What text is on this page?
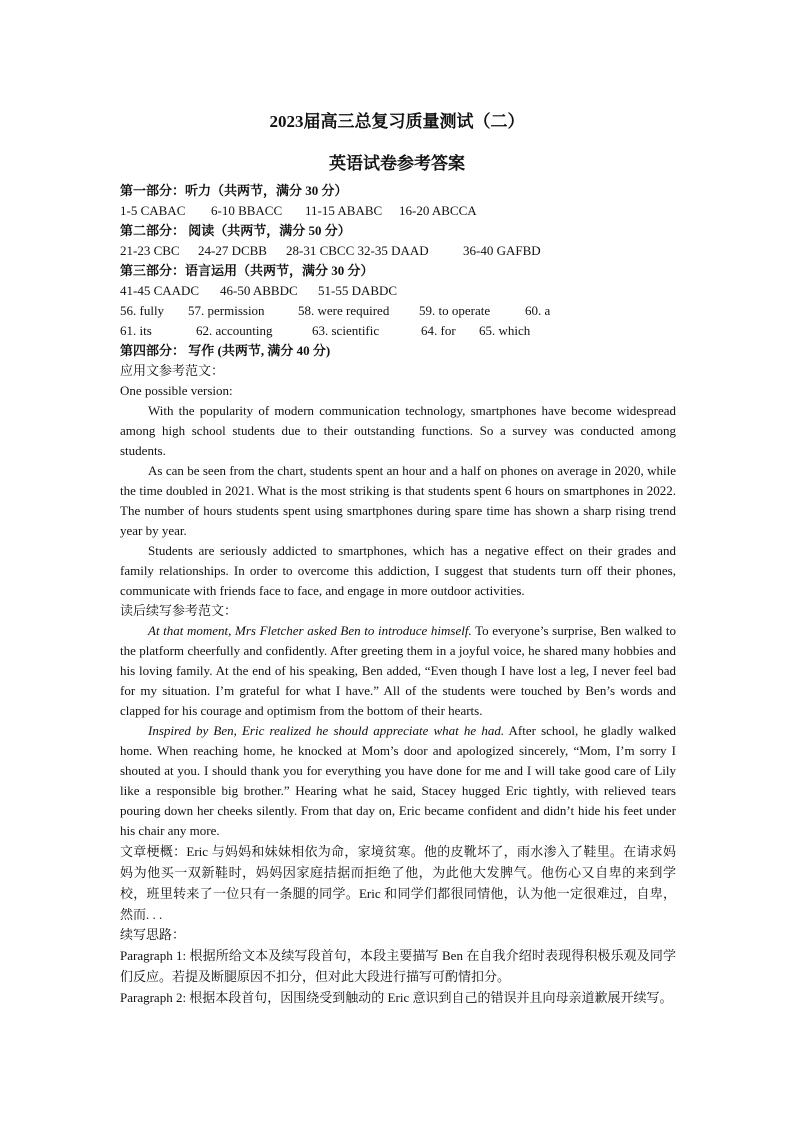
2023届高三总复习质量测试（二）
英语试卷参考答案
第一部分：听力（共两节，满分 30 分）
1-5 CABAC 6-10 BBACC 11-15 ABABC 16-20 ABCCA
第二部分： 阅读（共两节，满分 50 分）
21-23 CBC 24-27 DCBB 28-31 CBCC 32-35 DAAD	36-40 GAFBD
第三部分：语言运用（共两节，满分 30 分）
41-45 CAADC 46-50 ABBDC 51-55 DABDC
56. fully 57. permission	58. were required 59. to operate	60. a
61. its	62. accounting	63. scientific	64. for 65. which
第四部分： 写作 (共两节, 满分 40 分)
应用文参考范文：
One possible version:

With the popularity of modern communication technology, smartphones have become widespread among high school students due to their outstanding functions. So a survey was conducted among students.

As can be seen from the chart, students spent an hour and a half on phones on average in 2020, while the time doubled in 2021. What is the most striking is that students spent 6 hours on smartphones in 2022. The number of hours students spent using smartphones during spare time has shown a sharp rising trend year by year.

Students are seriously addicted to smartphones, which has a negative effect on their grades and family relationships. In order to overcome this addiction, I suggest that students turn off their phones, communicate with friends face to face, and engage in more outdoor activities.

读后续写参考范文：

At that moment, Mrs Fletcher asked Ben to introduce himself. To everyone’s surprise, Ben walked to the platform cheerfully and confidently. After greeting them in a joyful voice, he shared many hobbies and his loving family. At the end of his speaking, Ben added, “Even though I have lost a leg, I never feel bad for my situation. I’m grateful for what I have.” All of the students were touched by Ben’s words and clapped for his courage and optimism from the bottom of their hearts.

Inspired by Ben, Eric realized he should appreciate what he had. After school, he gladly walked home. When reaching home, he knocked at Mom’s door and apologized sincerely, “Mom, I’m sorry I shouted at you. I should thank you for everything you have done for me and I will take good care of Lily like a responsible big brother.” Hearing what he said, Stacey hugged Eric tightly, with relieved tears pouring down her cheeks silently. From that day on, Eric became confident and didn’t hide his feet under his chair any more.

文章梗概：Eric 与妈妈和妹妹相依为命，家境贫寒。他的皮靴坏了，雨水渗入了鞋里。在请求妈妈为他买一双新鞋时，妈妈因家庭拮据而拒绝了他，为此他大发脾气。他伤心又自卑的来到学校，班里转来了一位只有一条腿的同学。Eric 和同学们都很同情他，认为他一定很难过，自卑，然而. . .

续写思路：

Paragraph 1: 根据所给文本及续写段首句，本段主要描写 Ben 在自我介绍时表现得积极乐观及同学们反应。若提及断腿原因不扣分，但对此大段进行描写可酌情扣分。

Paragraph 2: 根据本段首句，因围绕受到触动的 Eric 意识到自己的错误并且向母亲道歉展开续写。
